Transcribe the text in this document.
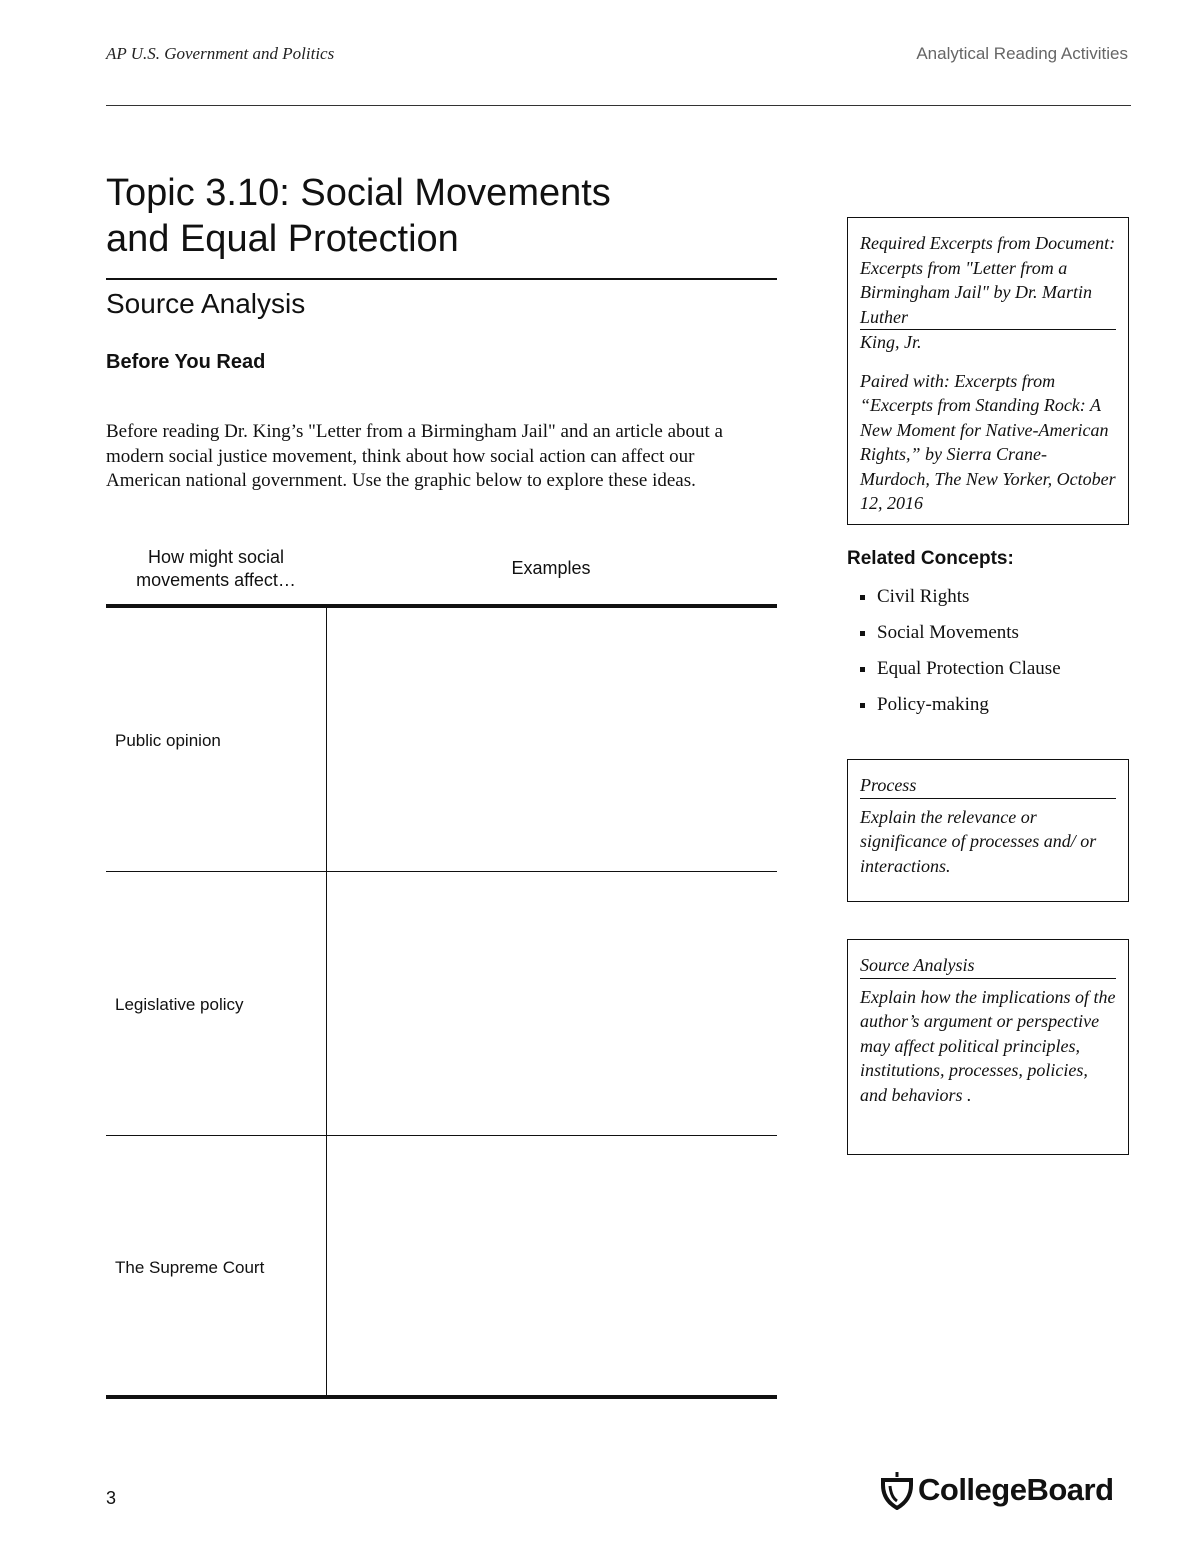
AP U.S. Government and Politics	Analytical Reading Activities
Topic 3.10: Social Movements
and Equal Protection
Source Analysis
Before You Read

Before reading Dr. King’s "Letter from a Birmingham Jail" and an article about a modern social justice movement, think about how social action can affect our American national government. Use the graphic below to explore these ideas.

How might social movements affect…
Examples
Public opinion
Legislative policy
The Supreme Court

Required Excerpts from Document: Excerpts from "Letter from a Birmingham Jail" by Dr. Martin Luther
King, Jr.

Paired with: Excerpts from “Excerpts from Standing Rock: A New Moment for Native-American Rights,” by Sierra Crane-Murdoch, The New Yorker, October 12, 2016

Related Concepts:
Civil Rights
Social Movements
Equal Protection Clause
Policy-making

Process

Explain the relevance or significance of processes and/ or interactions.

Source Analysis

Explain how the implications of the author’s argument or perspective may affect political principles, institutions, processes, policies, and behaviors .

3	CollegeBoard
